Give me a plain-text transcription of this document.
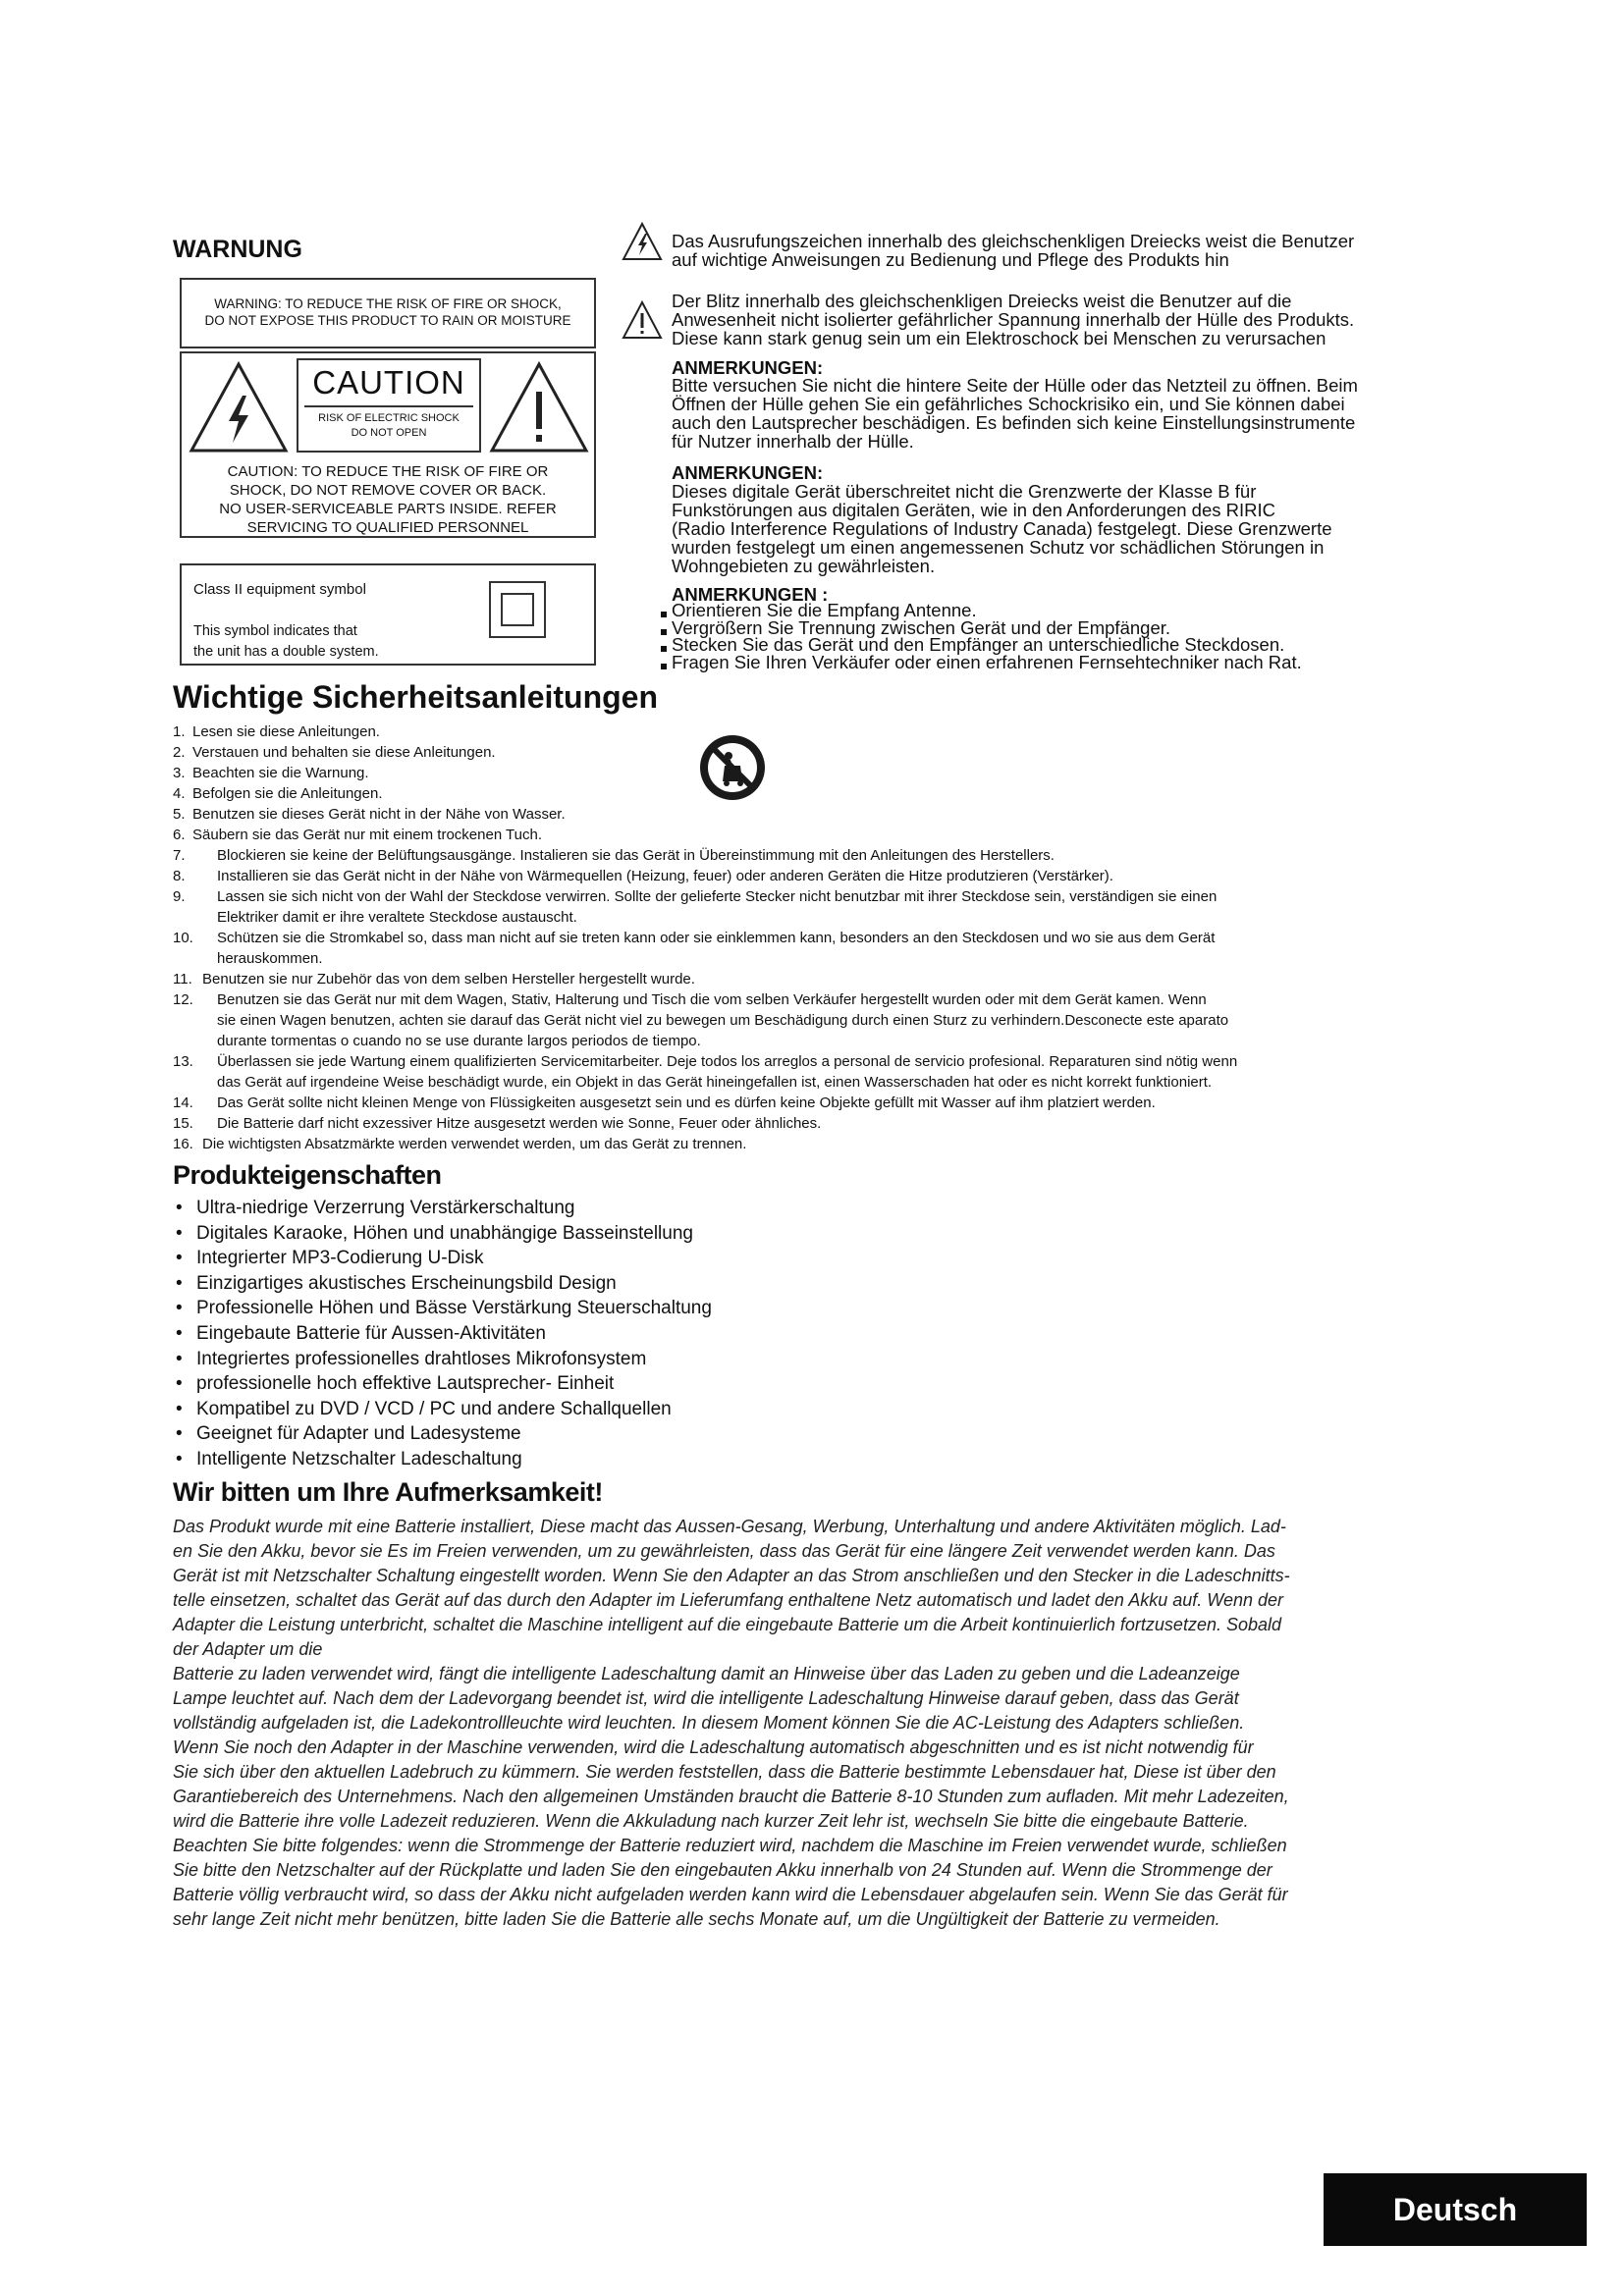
WARNUNG
WARNING: TO REDUCE THE RISK OF FIRE OR SHOCK,
DO NOT EXPOSE THIS PRODUCT TO RAIN OR MOISTURE
CAUTION
RISK OF ELECTRIC SHOCK
DO NOT OPEN
CAUTION: TO REDUCE THE RISK OF FIRE OR
SHOCK, DO NOT REMOVE COVER OR BACK.
NO USER-SERVICEABLE PARTS INSIDE. REFER
SERVICING TO QUALIFIED PERSONNEL
Class II equipment symbol
This symbol indicates that
the unit has a double system.
Das Ausrufungszeichen innerhalb des gleichschenkligen Dreiecks weist die Benutzer
auf wichtige Anweisungen zu Bedienung und Pflege des Produkts hin
Der Blitz innerhalb des gleichschenkligen Dreiecks weist die Benutzer auf die
Anwesenheit nicht isolierter gefährlicher Spannung innerhalb der Hülle des Produkts.
Diese kann stark genug sein um ein Elektroschock bei Menschen zu verursachen
ANMERKUNGEN:
Bitte versuchen Sie nicht die hintere Seite der Hülle oder das Netzteil zu öffnen. Beim
Öffnen der Hülle gehen Sie ein gefährliches Schockrisiko ein, und Sie können dabei
auch den Lautsprecher beschädigen. Es befinden sich keine Einstellungsinstrumente
für Nutzer innerhalb der Hülle.
ANMERKUNGEN:
Dieses digitale Gerät überschreitet nicht die Grenzwerte der Klasse B für
Funkstörungen aus digitalen Geräten, wie in den Anforderungen des RIRIC
(Radio Interference Regulations of Industry Canada) festgelegt. Diese Grenzwerte
wurden festgelegt um einen angemessenen Schutz vor schädlichen Störungen in
Wohngebieten zu gewährleisten.
ANMERKUNGEN :
Orientieren Sie die Empfang Antenne.
Vergrößern Sie Trennung zwischen Gerät und der Empfänger.
Stecken Sie das Gerät und den Empfänger an unterschiedliche Steckdosen.
Fragen Sie Ihren Verkäufer oder einen erfahrenen Fernsehtechniker nach Rat.
Wichtige Sicherheitsanleitungen
1. Lesen sie diese Anleitungen.
2. Verstauen und behalten sie diese Anleitungen.
3. Beachten sie die Warnung.
4. Befolgen sie die Anleitungen.
5. Benutzen sie dieses Gerät nicht in der Nähe von Wasser.
6. Säubern sie das Gerät nur mit einem trockenen Tuch.
7. Blockieren sie keine der Belüftungsausgänge. Instalieren sie das Gerät in Übereinstimmung mit den Anleitungen des Herstellers.
8. Installieren sie das Gerät nicht in der Nähe von Wärmequellen (Heizung, feuer) oder anderen Geräten die Hitze produtzieren (Verstärker).
9. Lassen sie sich nicht von der Wahl der Steckdose verwirren. Sollte der gelieferte Stecker nicht benutzbar mit ihrer Steckdose sein, verständigen sie einen
Elektriker damit er ihre veraltete Steckdose austauscht.
10. Schützen sie die Stromkabel so, dass man nicht auf sie treten kann oder sie einklemmen kann, besonders an den Steckdosen und wo sie aus dem Gerät
herauskommen.
11. Benutzen sie nur Zubehör das von dem selben Hersteller hergestellt wurde.
12. Benutzen sie das Gerät nur mit dem Wagen, Stativ, Halterung und Tisch die vom selben Verkäufer hergestellt wurden oder mit dem Gerät kamen. Wenn
sie einen Wagen benutzen, achten sie darauf das Gerät nicht viel zu bewegen um Beschädigung durch einen Sturz zu verhindern.Desconecte este aparato
durante tormentas o cuando no se use durante largos periodos de tiempo.
13. Überlassen sie jede Wartung einem qualifizierten Servicemitarbeiter. Deje todos los arreglos a personal de servicio profesional. Reparaturen sind nötig wenn
das Gerät auf irgendeine Weise beschädigt wurde, ein Objekt in das Gerät hineingefallen ist, einen Wasserschaden hat oder es nicht korrekt funktioniert.
14. Das Gerät sollte nicht kleinen Menge von Flüssigkeiten ausgesetzt sein und es dürfen keine Objekte gefüllt mit Wasser auf ihm platziert werden.
15. Die Batterie darf nicht exzessiver Hitze ausgesetzt werden wie Sonne, Feuer oder ähnliches.
16. Die wichtigsten Absatzmärkte werden verwendet werden, um das Gerät zu trennen.
Produkteigenschaften
• Ultra-niedrige Verzerrung Verstärkerschaltung
• Digitales Karaoke, Höhen und unabhängige Basseinstellung
• Integrierter MP3-Codierung U-Disk
• Einzigartiges akustisches Erscheinungsbild Design
• Professionelle Höhen und Bässe Verstärkung Steuerschaltung
• Eingebaute Batterie für Aussen-Aktivitäten
• Integriertes professionelles drahtloses Mikrofonsystem
• professionelle hoch effektive Lautsprecher- Einheit
• Kompatibel zu DVD / VCD / PC und andere Schallquellen
• Geeignet für Adapter und Ladesysteme
• Intelligente Netzschalter Ladeschaltung
Wir bitten um Ihre Aufmerksamkeit!

Das Produkt wurde mit eine Batterie installiert, Diese macht das Aussen-Gesang, Werbung, Unterhaltung und andere Aktivitäten möglich. Lad-

en Sie den Akku, bevor sie Es im Freien verwenden, um zu gewährleisten, dass das Gerät für eine längere Zeit verwendet werden kann. Das

Gerät ist mit Netzschalter Schaltung eingestellt worden. Wenn Sie den Adapter an das Strom anschließen und den Stecker in die Ladeschnitts-

telle einsetzen, schaltet das Gerät auf das durch den Adapter im Lieferumfang enthaltene Netz automatisch und ladet den Akku auf. Wenn der

Adapter die Leistung unterbricht, schaltet die Maschine intelligent auf die eingebaute Batterie um die Arbeit kontinuierlich fortzusetzen. Sobald

der Adapter um die

Batterie zu laden verwendet wird, fängt die intelligente Ladeschaltung damit an Hinweise über das Laden zu geben und die Ladeanzeige

Lampe leuchtet auf. Nach dem der Ladevorgang beendet ist, wird die intelligente Ladeschaltung Hinweise darauf geben, dass das Gerät

vollständig aufgeladen ist, die Ladekontrollleuchte wird leuchten. In diesem Moment können Sie die AC-Leistung des Adapters schließen.

Wenn Sie noch den Adapter in der Maschine verwenden, wird die Ladeschaltung automatisch abgeschnitten und es ist nicht notwendig für

Sie sich über den aktuellen Ladebruch zu kümmern. Sie werden feststellen, dass die Batterie bestimmte Lebensdauer hat, Diese ist über den

Garantiebereich des Unternehmens. Nach den allgemeinen Umständen braucht die Batterie 8-10 Stunden zum aufladen. Mit mehr Ladezeiten,

wird die Batterie ihre volle Ladezeit reduzieren. Wenn die Akkuladung nach kurzer Zeit lehr ist, wechseln Sie bitte die eingebaute Batterie.

Beachten Sie bitte folgendes: wenn die Strommenge der Batterie reduziert wird, nachdem die Maschine im Freien verwendet wurde, schließen

Sie bitte den Netzschalter auf der Rückplatte und laden Sie den eingebauten Akku innerhalb von 24 Stunden auf. Wenn die Strommenge der

Batterie völlig verbraucht wird, so dass der Akku nicht aufgeladen werden kann wird die Lebensdauer abgelaufen sein. Wenn Sie das Gerät für

sehr lange Zeit nicht mehr benützen, bitte laden Sie die Batterie alle sechs Monate auf, um die Ungültigkeit der Batterie zu vermeiden.

Deutsch
